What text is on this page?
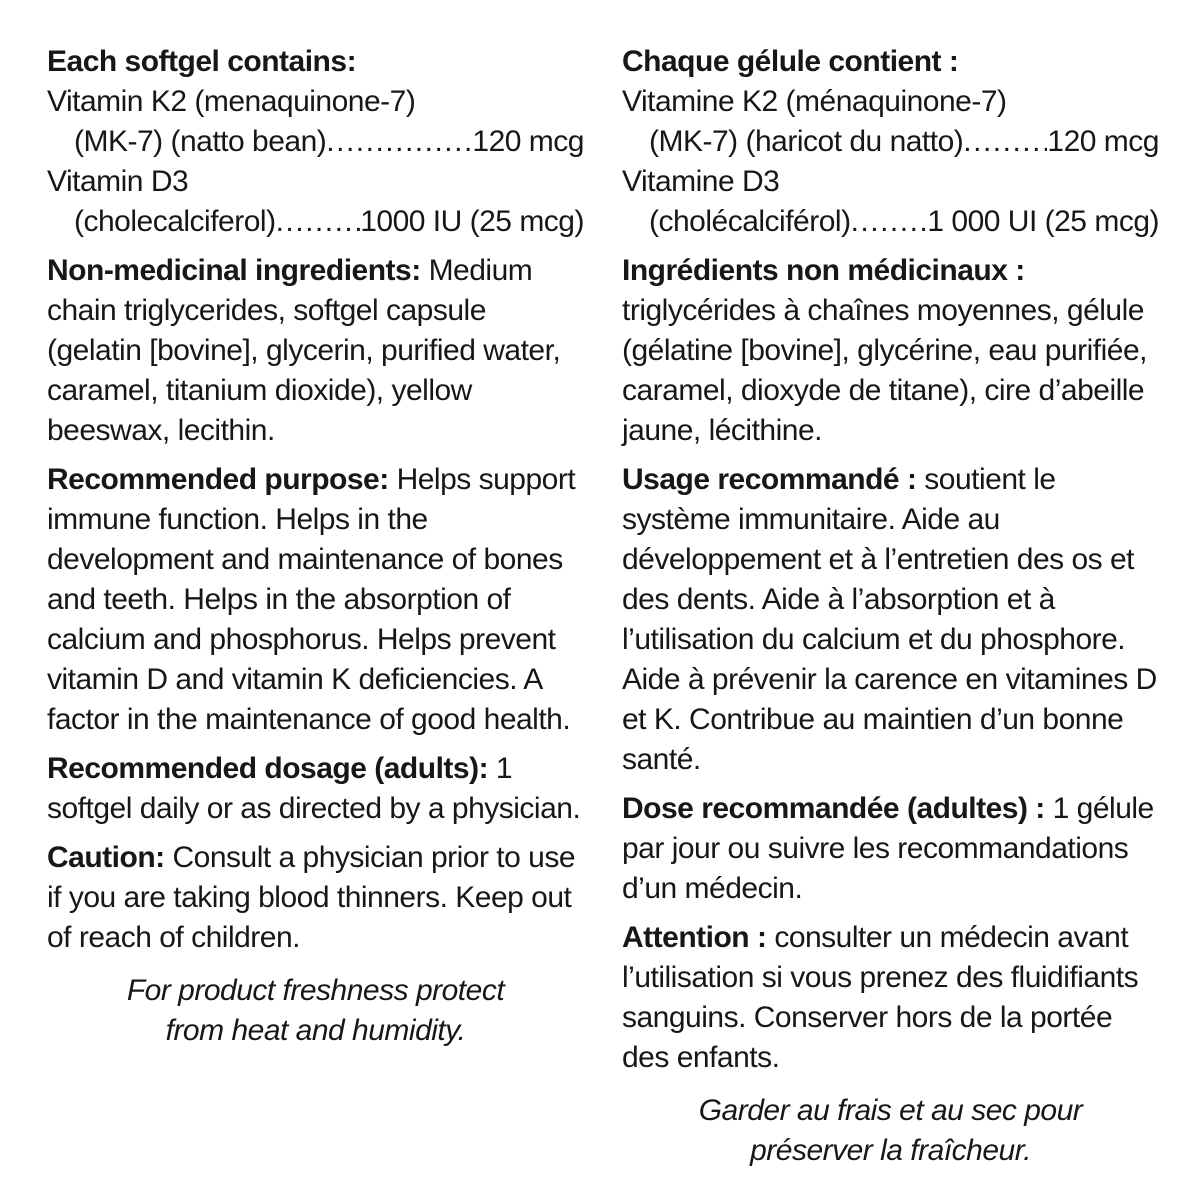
Each softgel contains:
Vitamin K2 (menaquinone-7)
(MK-7) (natto bean) .....	120 mcg
Vitamin D3
(cholecalciferol) .....	1000 IU (25 mcg)

Non-medicinal ingredients: Medium chain triglycerides, softgel capsule (gelatin [bovine], glycerin, purified water, caramel, titanium dioxide), yellow beeswax, lecithin.

Recommended purpose: Helps support immune function. Helps in the development and maintenance of bones and teeth. Helps in the absorption of calcium and phosphorus. Helps prevent vitamin D and vitamin K deficiencies. A factor in the maintenance of good health.

Recommended dosage (adults): 1 softgel daily or as directed by a physician.

Caution: Consult a physician prior to use if you are taking blood thinners. Keep out of reach of children.

For product freshness protect from heat and humidity.

Chaque gélule contient :
Vitamine K2 (ménaquinone-7)
(MK-7) (haricot du natto) .....	120 mcg
Vitamine D3
(cholécalciférol) .....	1 000 UI (25 mcg)

Ingrédients non médicinaux : triglycérides à chaînes moyennes, gélule (gélatine [bovine], glycérine, eau purifiée, caramel, dioxyde de titane), cire d’abeille jaune, lécithine.

Usage recommandé : soutient le système immunitaire. Aide au développement et à l’entretien des os et des dents. Aide à l’absorption et à l’utilisation du calcium et du phosphore. Aide à prévenir la carence en vitamines D et K. Contribue au maintien d’un bonne santé.

Dose recommandée (adultes) : 1 gélule par jour ou suivre les recommandations d’un médecin.

Attention : consulter un médecin avant l’utilisation si vous prenez des fluidifiants sanguins. Conserver hors de la portée des enfants.

Garder au frais et au sec pour préserver la fraîcheur.
